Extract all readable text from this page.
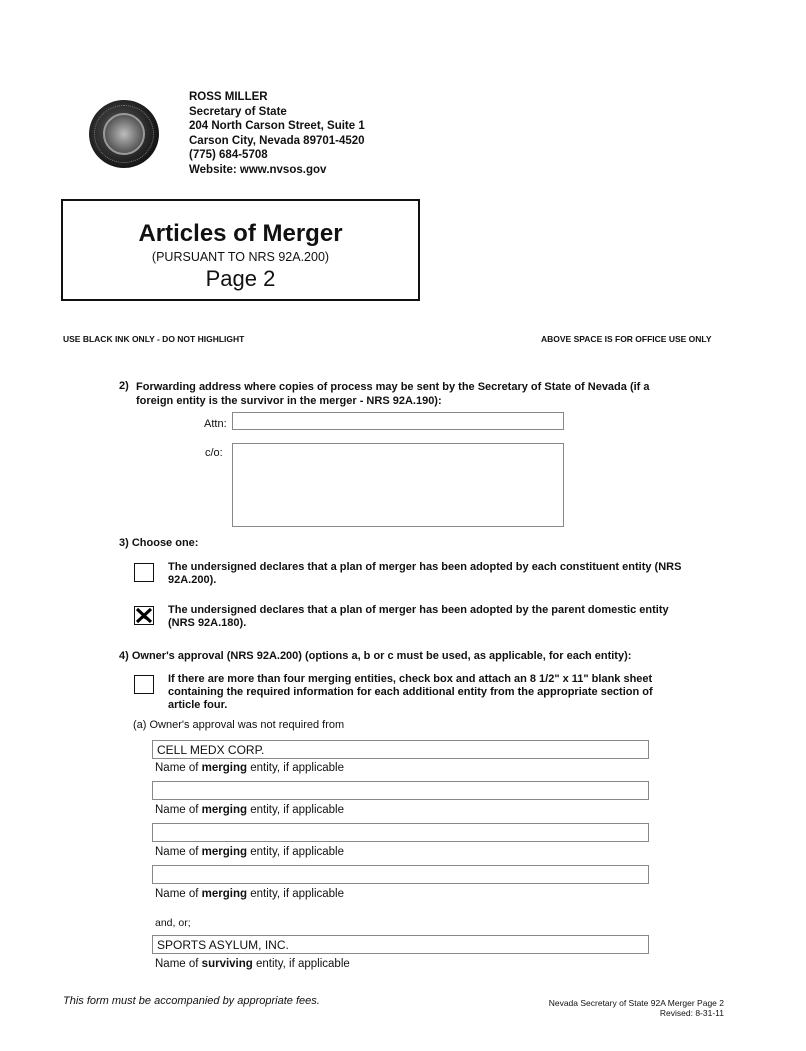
ROSS MILLER
Secretary of State
204 North Carson Street, Suite 1
Carson City, Nevada 89701-4520
(775) 684-5708
Website: www.nvsos.gov
Articles of Merger
(PURSUANT TO NRS 92A.200)
Page 2
USE BLACK INK ONLY - DO NOT HIGHLIGHT	ABOVE SPACE IS FOR OFFICE USE ONLY
2) Forwarding address where copies of process may be sent by the Secretary of State of Nevada (if a foreign entity is the survivor in the merger - NRS 92A.190):
Attn:
c/o:
3) Choose one:
The undersigned declares that a plan of merger has been adopted by each constituent entity (NRS 92A.200).
The undersigned declares that a plan of merger has been adopted by the parent domestic entity (NRS 92A.180).
4) Owner's approval (NRS 92A.200) (options a, b or c must be used, as applicable, for each entity):
If there are more than four merging entities, check box and attach an 8 1/2" x 11" blank sheet containing the required information for each additional entity from the appropriate section of article four.
(a) Owner's approval was not required from
CELL MEDX CORP.
Name of merging entity, if applicable
Name of merging entity, if applicable
Name of merging entity, if applicable
Name of merging entity, if applicable
and, or;
SPORTS ASYLUM, INC.
Name of surviving entity, if applicable
This form must be accompanied by appropriate fees.	Nevada Secretary of State 92A Merger Page 2
Revised: 8-31-11
